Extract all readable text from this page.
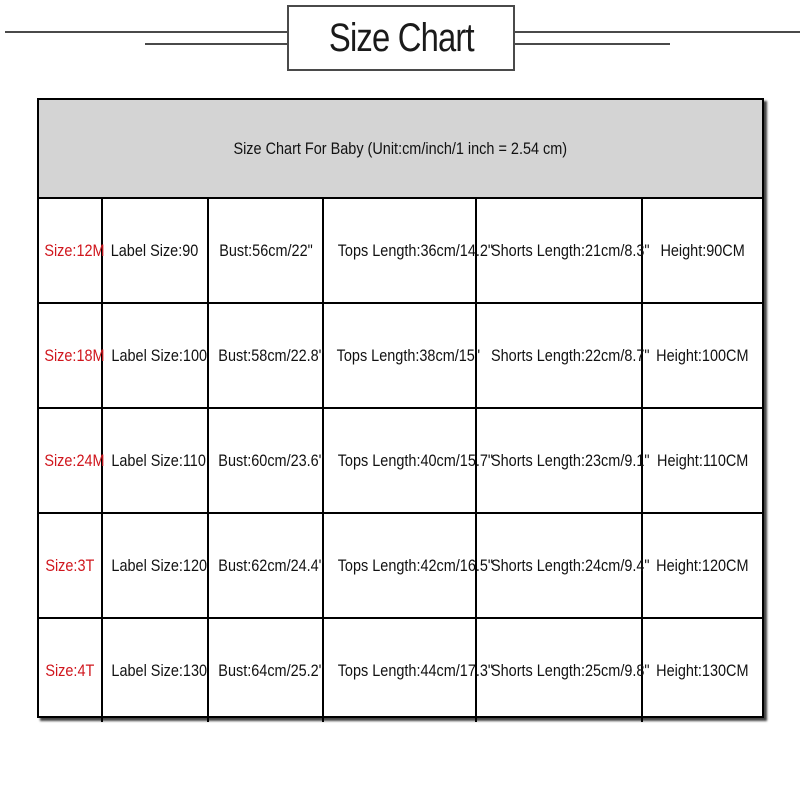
Size Chart
Size Chart For Baby (Unit:cm/inch/1 inch = 2.54 cm)
Size:12M	Label Size:90	Bust:56cm/22"	Tops Length:36cm/14.2"	Shorts Length:21cm/8.3"	Height:90CM
Size:18M	Label Size:100	Bust:58cm/22.8"	Tops Length:38cm/15"	Shorts Length:22cm/8.7"	Height:100CM
Size:24M	Label Size:110	Bust:60cm/23.6"	Tops Length:40cm/15.7"	Shorts Length:23cm/9.1"	Height:110CM
Size:3T	Label Size:120	Bust:62cm/24.4"	Tops Length:42cm/16.5"	Shorts Length:24cm/9.4"	Height:120CM
Size:4T	Label Size:130	Bust:64cm/25.2"	Tops Length:44cm/17.3"	Shorts Length:25cm/9.8"	Height:130CM
